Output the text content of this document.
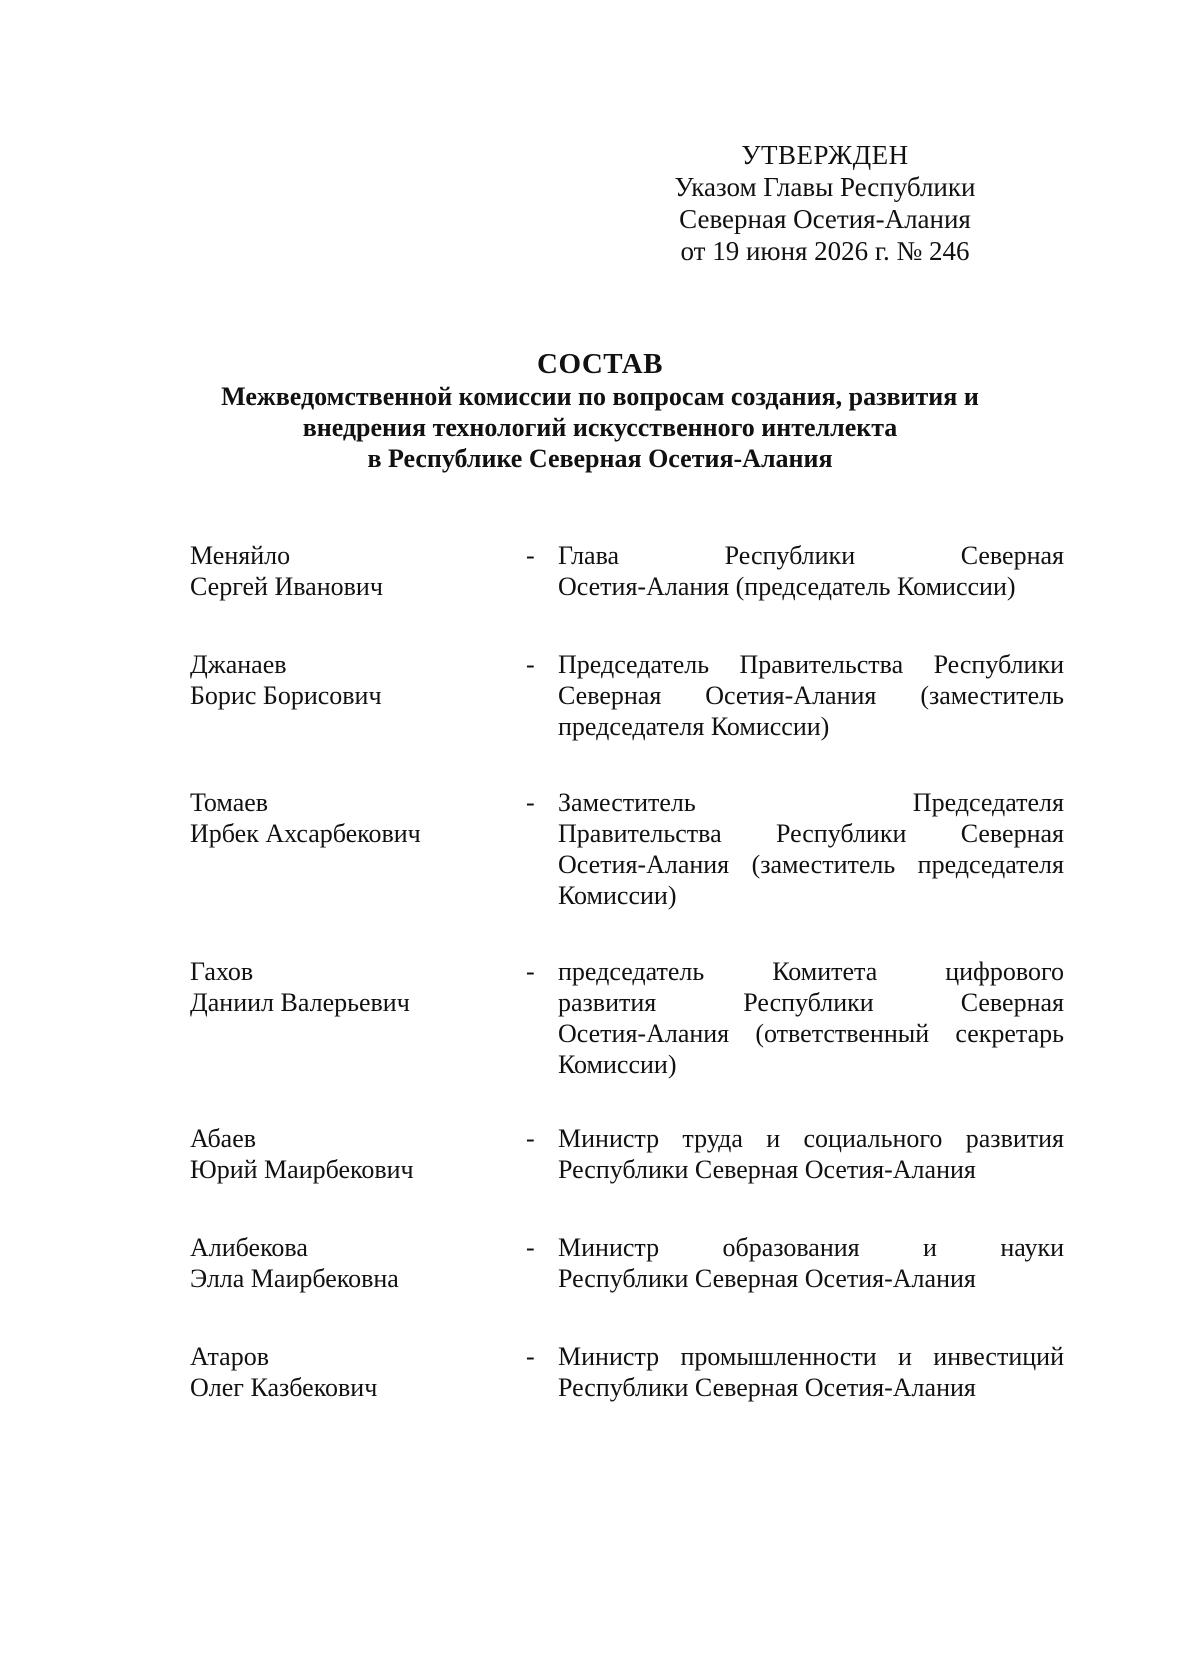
УТВЕРЖДЕН
Указом Главы Республики
Северная Осетия-Алания
от 19 июня 2026 г. № 246
СОСТАВ
Межведомственной комиссии по вопросам создания, развития и
внедрения технологий искусственного интеллекта
в Республике Северная Осетия-Алания
Меняйло
Сергей Иванович
- Глава Республики Северная
Осетия-Алания (председатель Комиссии)
Джанаев
Борис Борисович
- Председатель Правительства Республики
Северная Осетия-Алания (заместитель
председателя Комиссии)
Томаев
Ирбек Ахсарбекович
- Заместитель Председателя
Правительства Республики Северная
Осетия-Алания (заместитель председателя
Комиссии)
Гахов
Даниил Валерьевич
- председатель Комитета цифрового
развития Республики Северная
Осетия-Алания (ответственный секретарь
Комиссии)
Абаев
Юрий Маирбекович
- Министр труда и социального развития
Республики Северная Осетия-Алания
Алибекова
Элла Маирбековна
- Министр образования и науки
Республики Северная Осетия-Алания
Атаров
Олег Казбекович
- Министр промышленности и инвестиций
Республики Северная Осетия-Алания
